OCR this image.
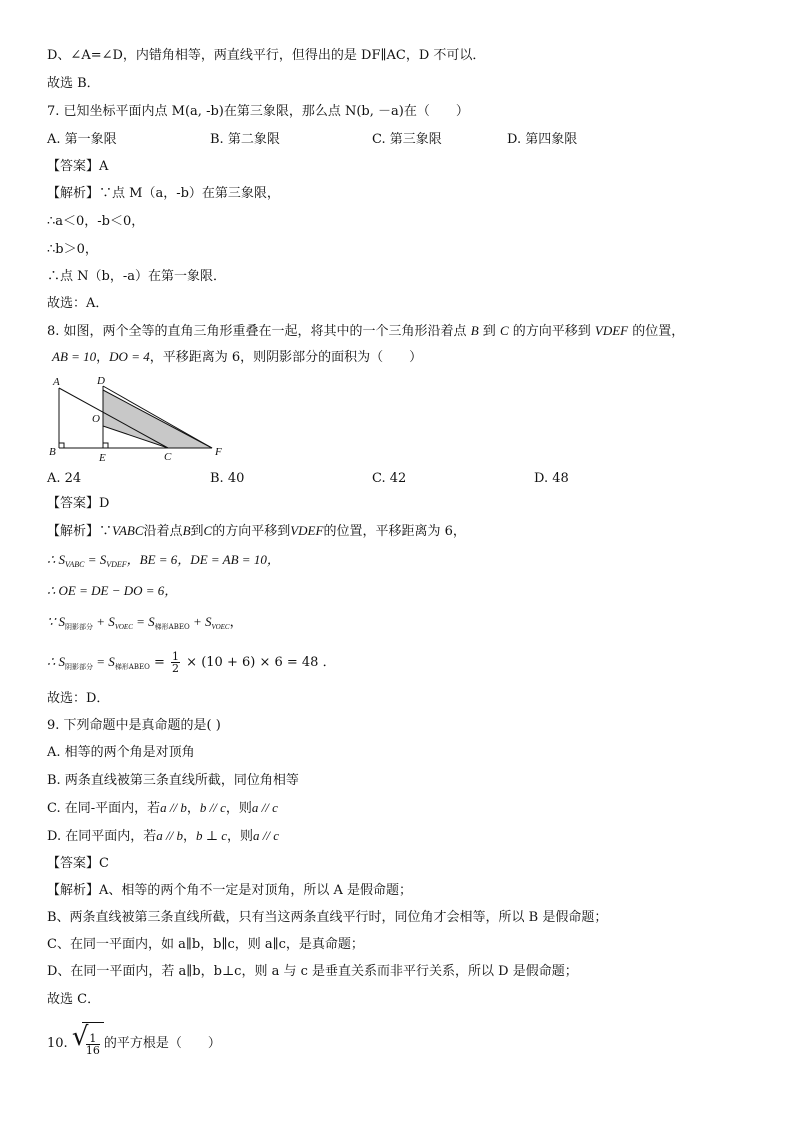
D、∠A=∠D，内错角相等，两直线平行，但得出的是 DF∥AC，D 不可以．
故选 B．
7. 已知坐标平面内点 M(a, -b)在第三象限，那么点 N(b, －a)在（　　）
A. 第一象限	B. 第二象限	C. 第三象限	D. 第四象限
【答案】A
【解析】∵点 M（a，-b）在第三象限，
∴a＜0，-b＜0，
∴b＞0，
∴点 N（b，-a）在第一象限．
故选：A．
8. 如图，两个全等的直角三角形重叠在一起，将其中的一个三角形沿着点 B 到 C 的方向平移到 VDEF 的位置，
AB = 10，DO = 4，平移距离为 6，则阴影部分的面积为（　　）
A	D
O
B	E	C	F
A. 24	B. 40	C. 42	D. 48
【答案】D
【解析】∵VABC沿着点B到C的方向平移到VDEF的位置，平移距离为 6，
∴ $S_{VABC} = S_{VDEF}$，BE = 6，DE = AB = 10，
∴ OE = DE − DO = 6，
∵ $S_{阴影部分} + S_{VOEC} = S_{梯形ABEO} + S_{VOEC}$，
∴ $S_{阴影部分} = S_{梯形ABEO} = \frac{1}{2} \times (10 + 6) \times 6 = 48$ ．
故选：D．
9. 下列命题中是真命题的是( )
A. 相等的两个角是对顶角
B. 两条直线被第三条直线所截，同位角相等
C. 在同-平面内，若a // b，b // c，则a // c
D. 在同平面内，若a // b，b ⊥ c，则a // c
【答案】C
【解析】A、相等的两个角不一定是对顶角，所以 A 是假命题；
B、两条直线被第三条直线所截，只有当这两条直线平行时，同位角才会相等，所以 B 是假命题；
C、在同一平面内，如 a∥b，b∥c，则 a∥c，是真命题；
D、在同一平面内，若 a∥b，b⊥c，则 a 与 c 是垂直关系而非平行关系，所以 D 是假命题；
故选 C．
10. √
$\frac{1}{16}$ 的平方根是（　　）
